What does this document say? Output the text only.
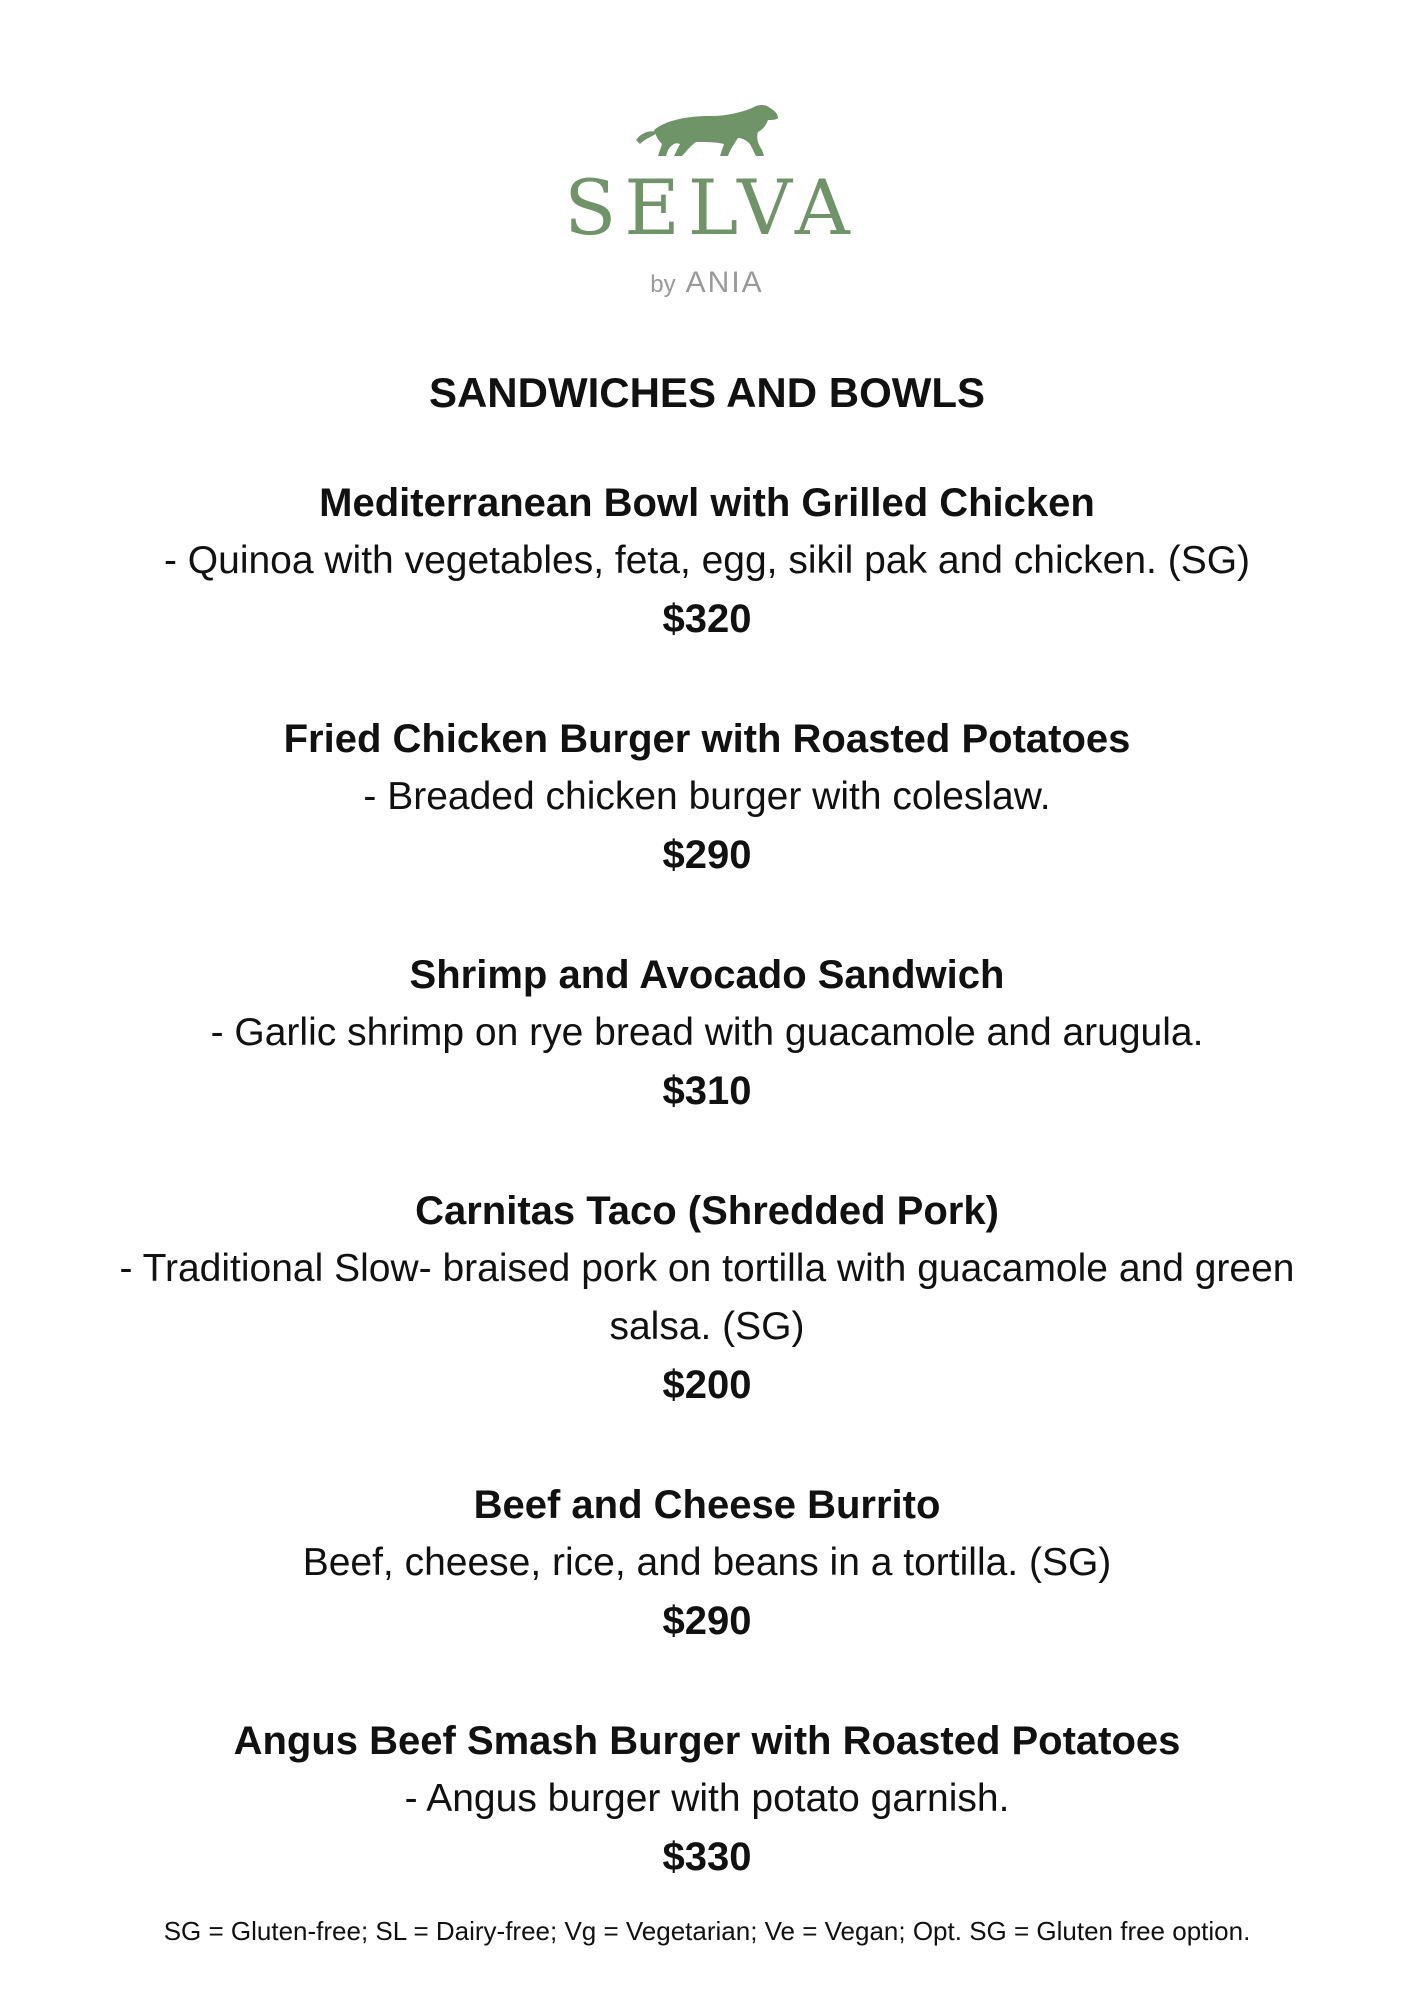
SELVA
by ANIA
SANDWICHES AND BOWLS
Mediterranean Bowl with Grilled Chicken
- Quinoa with vegetables, feta, egg, sikil pak and chicken. (SG)
$320
Fried Chicken Burger with Roasted Potatoes
- Breaded chicken burger with coleslaw.
$290
Shrimp and Avocado Sandwich
- Garlic shrimp on rye bread with guacamole and arugula.
$310
Carnitas Taco (Shredded Pork)
- Traditional Slow- braised pork on tortilla with guacamole and green salsa. (SG)
$200
Beef and Cheese Burrito
Beef, cheese, rice, and beans in a tortilla. (SG)
$290
Angus Beef Smash Burger with Roasted Potatoes
- Angus burger with potato garnish.
$330
SG = Gluten-free; SL = Dairy-free; Vg = Vegetarian; Ve = Vegan; Opt. SG = Gluten free option.
